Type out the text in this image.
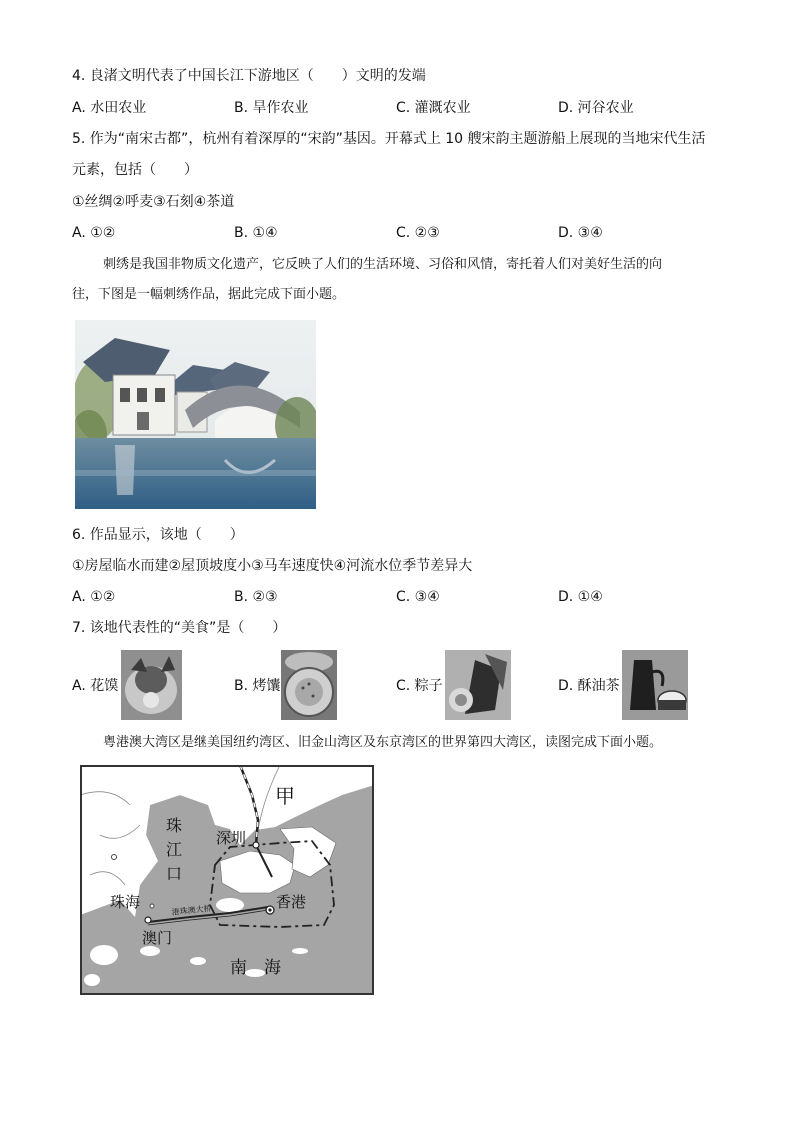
4. 良渚文明代表了中国长江下游地区（　　）文明的发端
A. 水田农业	B. 旱作农业	C. 灌溉农业	D. 河谷农业
5. 作为“南宋古都”，杭州有着深厚的“宋韵”基因。开幕式上 10 艘宋韵主题游船上展现的当地宋代生活
元素，包括（　　）
①丝绸②呼麦③石刻④茶道
A. ①②	B. ①④	C. ②③	D. ③④
刺绣是我国非物质文化遗产，它反映了人们的生活环境、习俗和风情，寄托着人们对美好生活的向
往，下图是一幅刺绣作品，据此完成下面小题。
6. 作品显示，该地（　　）
①房屋临水而建②屋顶坡度小③马车速度快④河流水位季节差异大
A. ①②	B. ②③	C. ③④	D. ①④
7. 该地代表性的“美食”是（　　）
A. 花馍	B. 烤馕	C. 粽子	D. 酥油茶
粤港澳大湾区是继美国纽约湾区、旧金山湾区及东京湾区的世界第四大湾区，读图完成下面小题。
甲
珠
江
口
深圳
珠海
澳门
香港
港珠澳大桥
南　海
